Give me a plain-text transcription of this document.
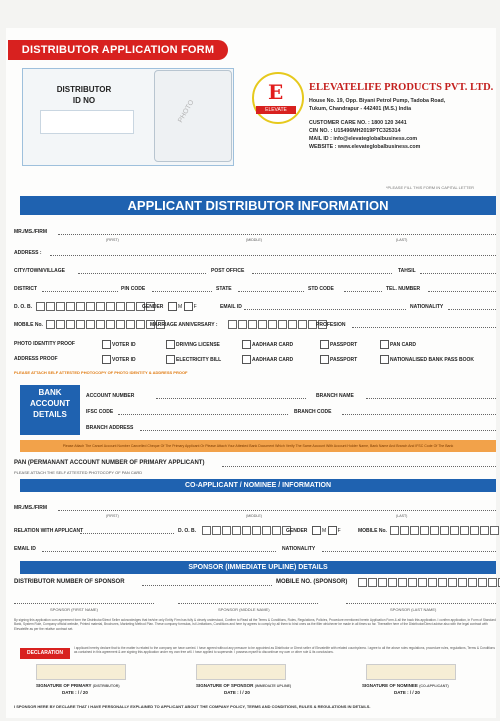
DISTRIBUTOR APPLICATION FORM
DISTRIBUTOR
ID NO	PHOTO
E
ELEVATE
ELEVATELIFE PRODUCTS PVT. LTD.
House No. 19, Opp. Biyani Petrol Pump, Tadoba Road,
Tukum, Chandrapur - 442401 (M.S.) India
CUSTOMER CARE NO. : 1800 120 3441
CIN NO. : U15496MH2019PTC325314
MAIL ID : info@elevateglobalbusiness.com
WEBSITE : www.elevateglobalbusiness.com
*PLEASE FILL THIS FORM IN CAPITAL LETTER
APPLICANT DISTRIBUTOR INFORMATION
MR./MS./FIRM
(FIRST)	(MIDDLE)	(LAST)
ADDRESS :
CITY/TOWN/VILLAGE	POST OFFICE	TAHSIL
DISTRICT	PIN CODE	STATE	STD CODE	TEL. NUMBER
D. O. B.	GENDER	M F	EMAIL ID	NATIONALITY
MOBILE No.	MARRIAGE ANNIVERSARY :	PROFESION
PHOTO IDENTITY PROOF	VOTER ID	DRIVING LICENSE	AADHAAR CARD	PASSPORT	PAN CARD
ADDRESS PROOF	VOTER ID	ELECTRICITY BILL	AADHAAR CARD	PASSPORT	NATIONALISED BANK PASS BOOK
PLEASE ATTACH SELF ATTESTED PHOTOCOPY OF PHOTO IDENTITY & ADDRESS PROOF
BANK ACCOUNT DETAILS
ACCOUNT NUMBER	BRANCH NAME
IFSC CODE	BRANCH CODE
BRANCH ADDRESS
Please Attach The Cancel Account Number Cancelled Cheque Of The Primary Applicant Or Please Attach Your Attested Bank Document Which Verify The Same Account With Account Holder Name, Bank Name And Branch And IFSC Code Of The Bank
PAN (PERMANANT ACCOUNT NUMBER OF PRIMARY APPLICANT)
PLEASE ATTACH THE SELF ATTESTED PHOTOCOPY OF PAN CARD
CO-APPLICANT / NOMINEE / INFORMATION
MR./MS./FIRM
(FIRST)	(MIDDLE)	(LAST)
RELATION WITH APPLICANT	D. O. B.	GENDER	M F	MOBILE No.
EMAIL ID	NATIONALITY
SPONSOR (IMMEDIATE UPLINE) DETAILS
DISTRIBUTOR NUMBER OF SPONSOR	MOBILE NO. (SPONSOR)
SPONSOR (FIRST NAME)	SPONSOR (MIDDLE NAME)	SPONSOR (LAST NAME)
By signing this application cum agreement form the Distributor/Direct Seller acknowledges that he/she only Entity Firm has fully & clearly understood, Confirm to Read all the Terms & Conditions, Rules, Regulations, Policies, Procedure mentioned herein Application Form & all the back this application. I confirm application, in Form of Standard Bank, System Rule, Company official website, Printed material, Brochures, Marketing Method Plan. These company formulas, Ist Limitations, Conditions and here by agrees to comply by all them to bind ones as the filler whichever be made in all times so far. Thereafter here of the Distributor/Direct advise also with the legal contract with Elevatelife as per the relative contract set.
DECLARATION
I applicant hereby declare that to the matter is related to the company we have carried. I have agreed without any pressure to be appointed as Distributor or Direct seller of Elevatelife with related country/area. I agree to all the above rules regulations, procedure rules, regulations, Terms & Conditions as contained in this agreement & are signing this application under my own free will. I have applied to supersede. I possess myself to discontinue my own or other rule & its conclusions.
SIGNATURE OF PRIMARY (DISTRIBUTOR)	SIGNATURE OF SPONSOR (IMMEDIATE UPLINE)	SIGNATURE OF NOMINEE (CO-APPLICANT)
DATE : / / 20	DATE : / / 20	DATE : / / 20
I SPONSOR HERE BY DECLARE THAT I HAVE PERSONALLY EXPLAINED TO APPLICANT ABOUT THE COMPANY POLICY, TERMS AND CONDITIONS, RULES & REGULATIONS IN DETAILS.
